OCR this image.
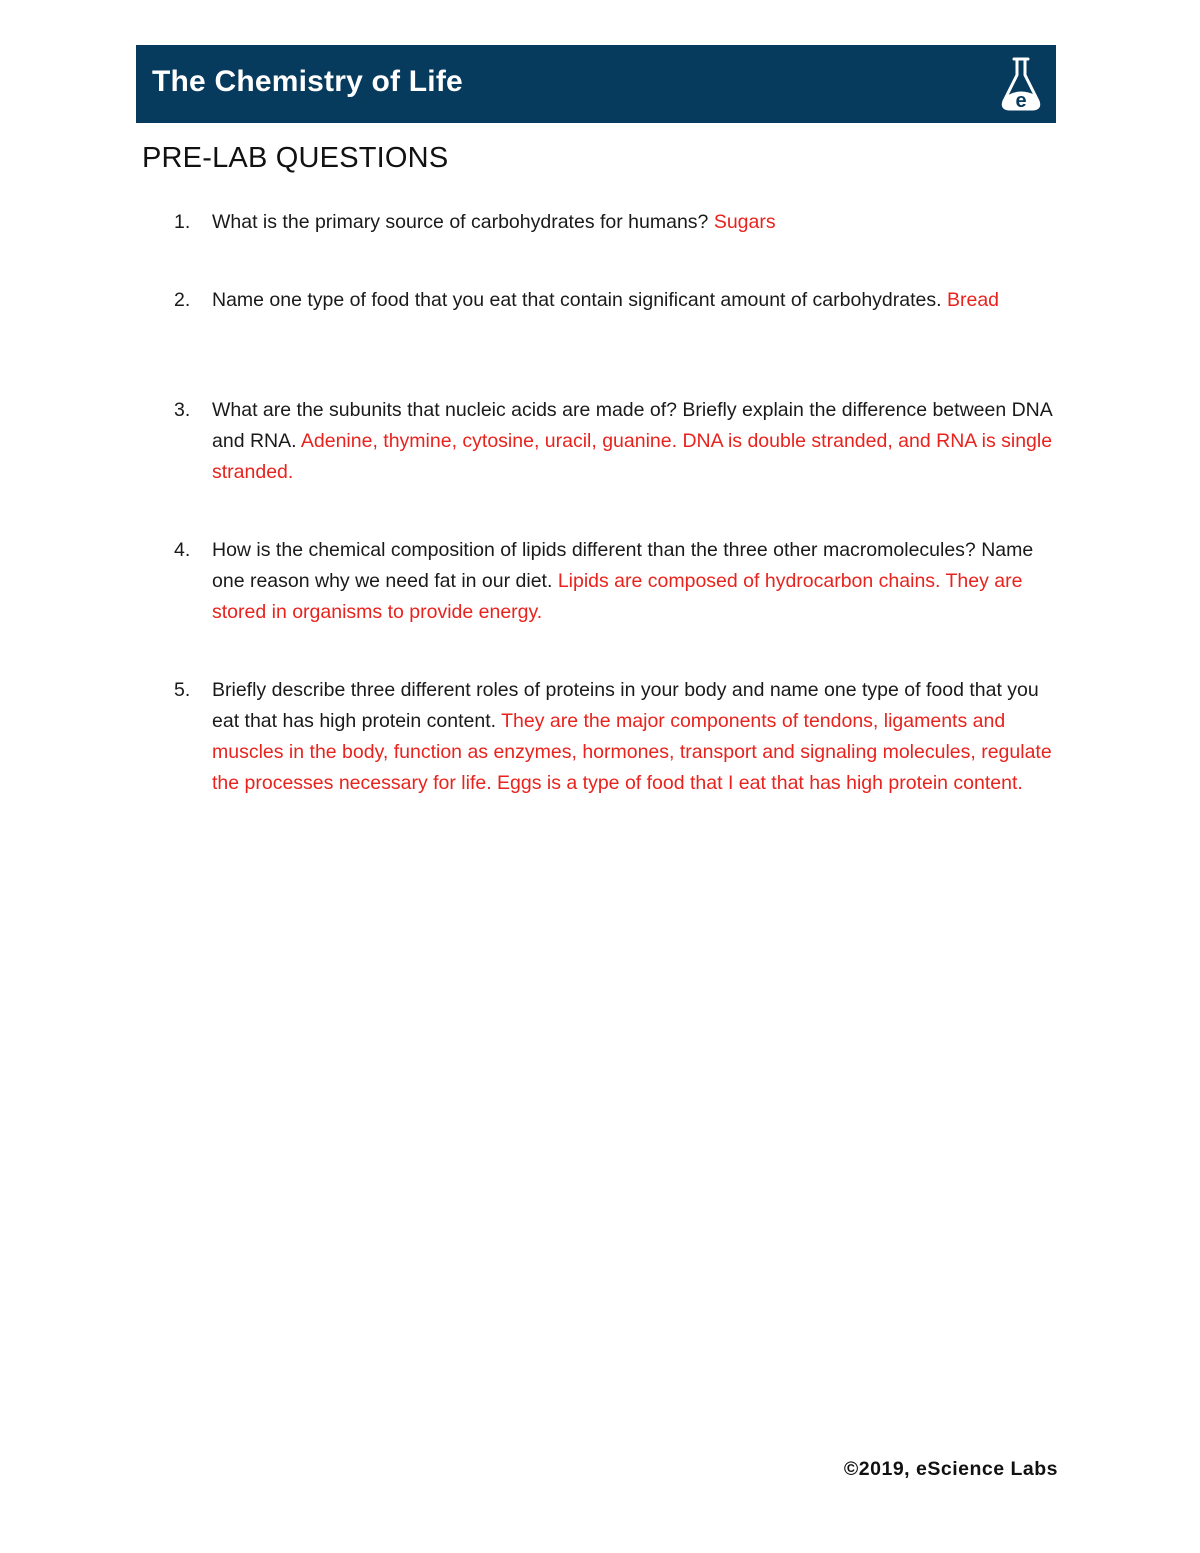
The Chemistry of Life
e
PRE-LAB QUESTIONS
1. What is the primary source of carbohydrates for humans? Sugars
2. Name one type of food that you eat that contain significant amount of carbohydrates. Bread
3. What are the subunits that nucleic acids are made of? Briefly explain the difference between DNA and RNA. Adenine, thymine, cytosine, uracil, guanine. DNA is double stranded, and RNA is single stranded.
4. How is the chemical composition of lipids different than the three other macromolecules? Name one reason why we need fat in our diet. Lipids are composed of hydrocarbon chains. They are stored in organisms to provide energy.
5. Briefly describe three different roles of proteins in your body and name one type of food that you eat that has high protein content. They are the major components of tendons, ligaments and muscles in the body, function as enzymes, hormones, transport and signaling molecules, regulate the processes necessary for life. Eggs is a type of food that I eat that has high protein content.
©2019, eScience Labs
